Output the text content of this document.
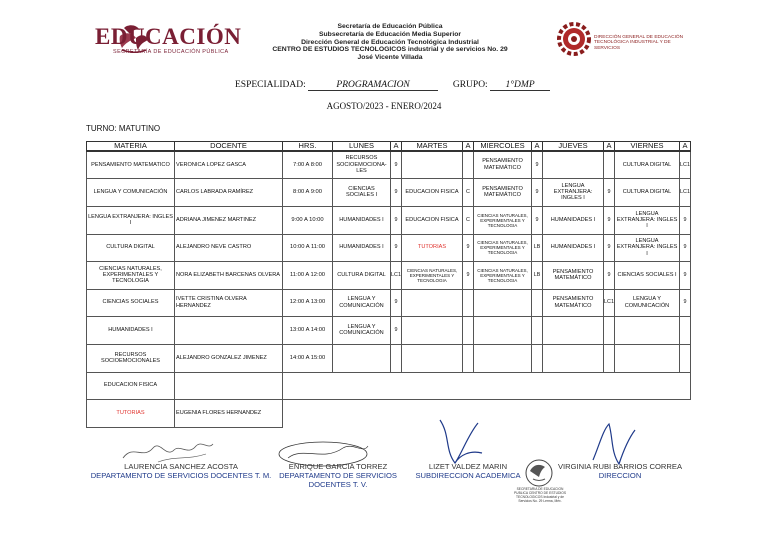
EDUCACIÓN
SECRETARÍA DE EDUCACIÓN PÚBLICA
Secretaría de Educación Pública
Subsecretaría de Educación Media Superior
Dirección General de Educación Tecnológica Industrial
CENTRO DE ESTUDIOS TECNOLOGICOS industrial y de servicios No. 29
José Vicente Villada
DIRECCIÓN GENERAL DE EDUCACIÓN TECNOLÓGICA INDUSTRIAL Y DE SERVICIOS
ESPECIALIDAD:	PROGRAMACION	GRUPO: 1°DMP
AGOSTO/2023 - ENERO/2024
TURNO: MATUTINO
MATERIA	DOCENTE	HRS.	LUNES	A	MARTES	A	MIERCOLES	A	JUEVES	A	VIERNES	A
PENSAMIENTO MATEMATICO	VERONICA LOPEZ GASCA	7:00 A 8:00	RECURSOS SOCIOEMOCIONA-LES	9			PENSAMIENTO MATEMÁTICO	9			CULTURA DIGITAL	LC1
LENGUA Y COMUNICACIÓN	CARLOS LABRADA RAMÍREZ	8:00 A 9:00	CIENCIAS SOCIALES I	9	EDUCACION FISICA	C	PENSAMIENTO MATEMÁTICO	9	LENGUA EXTRANJERA: INGLES I	9	CULTURA DIGITAL	LC1
LENGUA EXTRANJERA: INGLES I	ADRIANA JIMENEZ MARTINEZ	9:00 A 10:00	HUMANIDADES I	9	EDUCACION FISICA	C	CIENCIAS NATURALES, EXPERIMENTALES Y TECNOLOGIA	9	HUMANIDADES I	9	LENGUA EXTRANJERA: INGLES I	9
CULTURA DIGITAL	ALEJANDRO NEVE CASTRO	10:00 A 11:00	HUMANIDADES I	9	TUTORIAS	9	CIENCIAS NATURALES, EXPERIMENTALES Y TECNOLOGIA	LB	HUMANIDADES I	9	LENGUA EXTRANJERA: INGLES I	9
CIENCIAS NATURALES, EXPERIMENTALES Y TECNOLOGIA	NORA ELIZABETH BARCENAS OLVERA	11:00 A 12:00	CULTURA DIGITAL	LC1	CIENCIAS NATURALES, EXPERIMENTALES Y TECNOLOGIA	9	CIENCIAS NATURALES, EXPERIMENTALES Y TECNOLOGIA	LB	PENSAMIENTO MATEMÁTICO	9	CIENCIAS SOCIALES I	9
CIENCIAS SOCIALES	IVETTE CRISTINA OLVERA HERNANDEZ	12:00 A 13:00	LENGUA Y COMUNICACIÓN	9					PENSAMIENTO MATEMÁTICO	LC1	LENGUA Y COMUNICACIÓN	9
HUMANIDADES I		13:00 A 14:00	LENGUA Y COMUNICACIÓN	9								
RECURSOS SOCIOEMOCIONALES	ALEJANDRO GONZALEZ JIMENEZ	14:00 A 15:00										
EDUCACION FISICA												
TUTORIAS	EUGENIA FLORES HERNANDEZ											
LAURENCIA SANCHEZ ACOSTA
DEPARTAMENTO DE SERVICIOS DOCENTES T. M.
ENRIQUE GARCIA TORREZ
DEPARTAMENTO DE SERVICIOS DOCENTES T. V.
LIZET VALDEZ MARIN
SUBDIRECCION ACADEMICA
VIRGINIA RUBI BARRIOS CORREA
DIRECCION
SECRETARIA DE EDUCACION PUBLICA CENTRO DE ESTUDIOS TECNOLOGICOS Industrial y de Servicios No. 29 Lerma, Méx.
